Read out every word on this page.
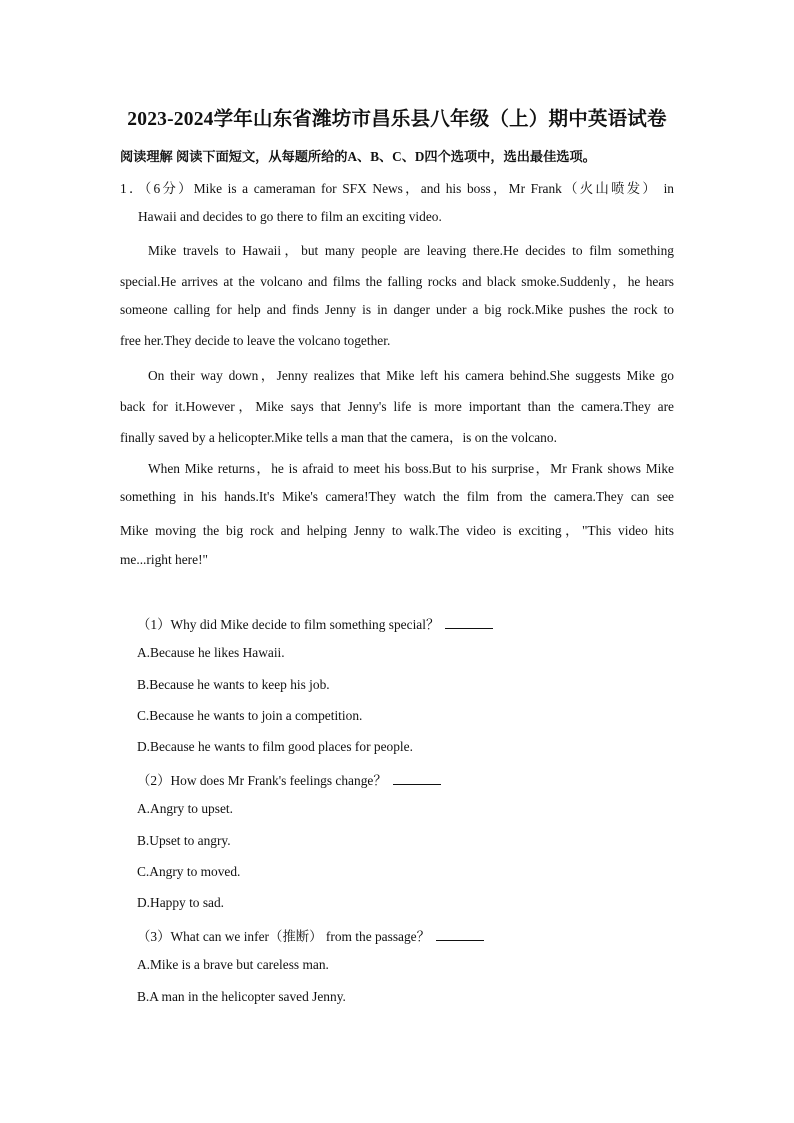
2023-2024学年山东省潍坊市昌乐县八年级（上）期中英语试卷
阅读理解 阅读下面短文，从每题所给的A、B、C、D四个选项中，选出最佳选项。
1．（6分）Mike is a cameraman for SFX News，and his boss，Mr Frank（火山喷发） in
Hawaii and decides to go there to film an exciting video.
Mike travels to Hawaii，but many people are leaving there.He decides to film something
special.He arrives at the volcano and films the falling rocks and black smoke.Suddenly，he hears
someone calling for help and finds Jenny is in danger under a big rock.Mike pushes the rock to
free her.They decide to leave the volcano together.
On their way down，Jenny realizes that Mike left his camera behind.She suggests Mike go
back for it.However，Mike says that Jenny's life is more important than the camera.They are
finally saved by a helicopter.Mike tells a man that the camera，is on the volcano.
When Mike returns，he is afraid to meet his boss.But to his surprise，Mr Frank shows Mike
something in his hands.It's Mike's camera!They watch the film from the camera.They can see
Mike moving the big rock and helping Jenny to walk.The video is exciting，"This video hits
me...right here!"
（1）Why did Mike decide to film something special？
A.Because he likes Hawaii.
B.Because he wants to keep his job.
C.Because he wants to join a competition.
D.Because he wants to film good places for people.
（2）How does Mr Frank's feelings change？
A.Angry to upset.
B.Upset to angry.
C.Angry to moved.
D.Happy to sad.
（3）What can we infer（推断） from the passage？
A.Mike is a brave but careless man.
B.A man in the helicopter saved Jenny.
